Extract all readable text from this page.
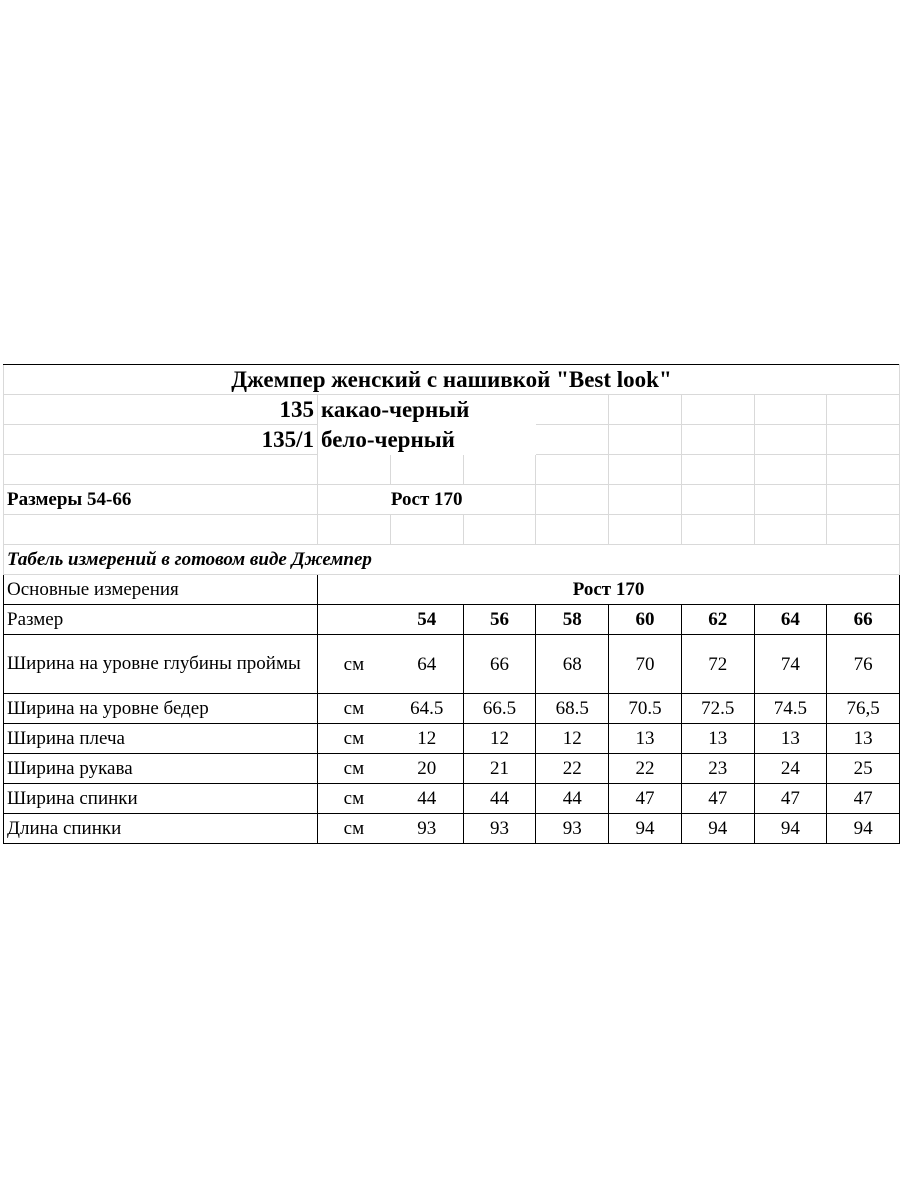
Джемпер женский с нашивкой "Best look"								
135	какао-черный							
135/1	бело-черный							

Размеры 54-66	Рост 170							

Табель измерений в готовом виде Джемпер								
Основные измерения	Рост 170							
Размер		54	56	58	60	62	64	66
Ширина на уровне глубины проймы	см	64	66	68	70	72	74	76
Ширина на уровне бедер	см	64.5	66.5	68.5	70.5	72.5	74.5	76,5
Ширина плеча	см	12	12	12	13	13	13	13
Ширина рукава	см	20	21	22	22	23	24	25
Ширина спинки	см	44	44	44	47	47	47	47
Длина спинки	см	93	93	93	94	94	94	94
